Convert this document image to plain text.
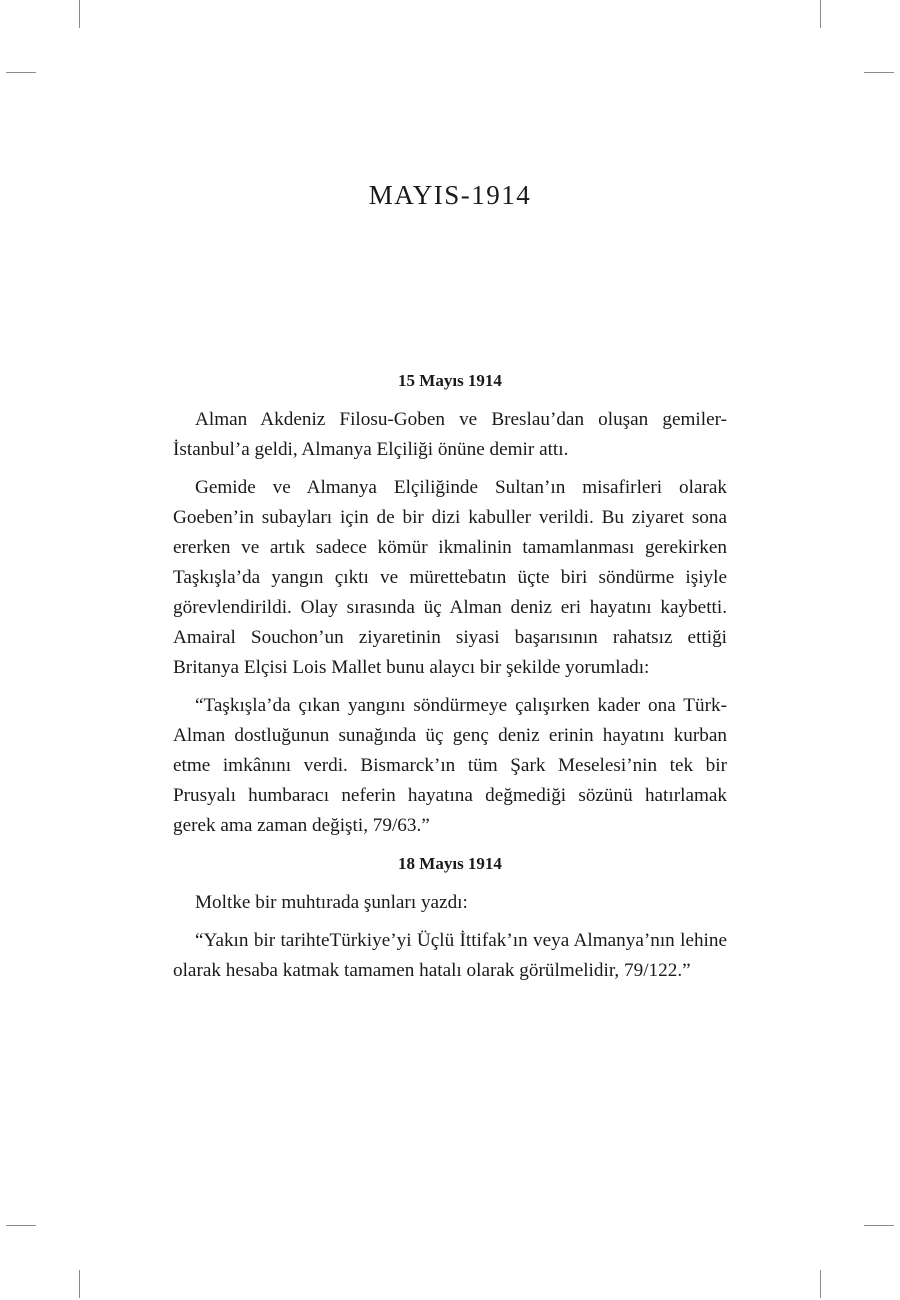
MAYIS-1914
15 Mayıs 1914

Alman Akdeniz Filosu-Goben ve Breslau’dan oluşan gemiler-İstanbul’a geldi, Almanya Elçiliği önüne demir attı.

Gemide ve Almanya Elçiliğinde Sultan’ın misafirleri olarak Goeben’in subayları için de bir dizi kabuller verildi. Bu ziyaret sona ererken ve artık sadece kömür ikmalinin tamamlanması gerekirken Taşkışla’da yangın çıktı ve mürettebatın üçte biri söndürme işiyle görevlendirildi. Olay sırasında üç Alman deniz eri hayatını kaybetti. Amairal Souchon’un ziyaretinin siyasi başarısının rahatsız ettiği Britanya Elçisi Lois Mallet bunu alaycı bir şekilde yorumladı:

“Taşkışla’da çıkan yangını söndürmeye çalışırken kader ona Türk-Alman dostluğunun sunağında üç genç deniz erinin hayatını kurban etme imkânını verdi. Bismarck’ın tüm Şark Meselesi’nin tek bir Prusyalı humbaracı neferin hayatına değmediği sözünü hatırlamak gerek ama zaman değişti, 79/63.”

18 Mayıs 1914

Moltke bir muhtırada şunları yazdı:

“Yakın bir tarihteTürkiye’yi Üçlü İttifak’ın veya Almanya’nın lehine olarak hesaba katmak tamamen hatalı olarak görülmelidir, 79/122.”
